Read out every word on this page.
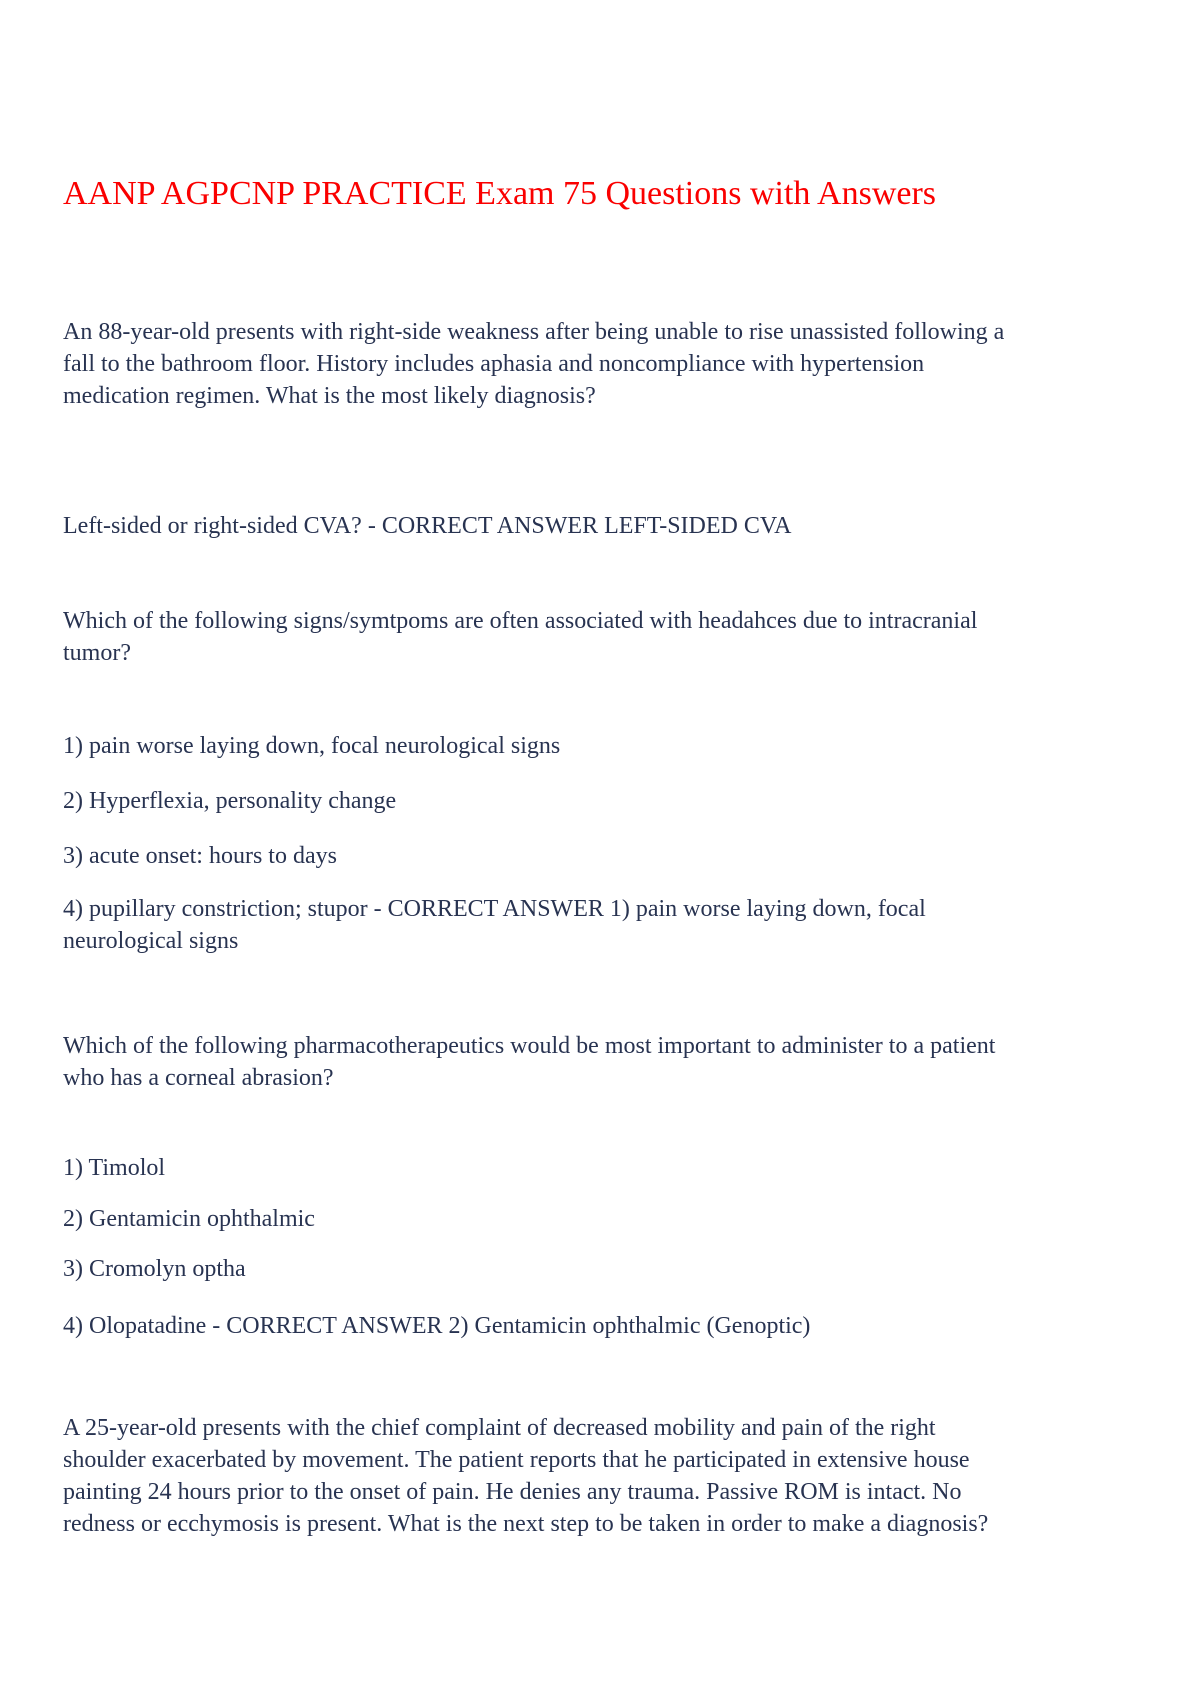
AANP AGPCNP PRACTICE Exam 75 Questions with Answers

An 88-year-old presents with right-side weakness after being unable to rise unassisted following a fall to the bathroom floor. History includes aphasia and noncompliance with hypertension medication regimen. What is the most likely diagnosis?

Left-sided or right-sided CVA? - CORRECT ANSWER LEFT-SIDED CVA

Which of the following signs/symtpoms are often associated with headahces due to intracranial tumor?

1) pain worse laying down, focal neurological signs

2) Hyperflexia, personality change

3) acute onset: hours to days

4) pupillary constriction; stupor - CORRECT ANSWER 1) pain worse laying down, focal neurological signs

Which of the following pharmacotherapeutics would be most important to administer to a patient who has a corneal abrasion?

1) Timolol

2) Gentamicin ophthalmic

3) Cromolyn optha

4) Olopatadine - CORRECT ANSWER 2) Gentamicin ophthalmic (Genoptic)

A 25-year-old presents with the chief complaint of decreased mobility and pain of the right shoulder exacerbated by movement. The patient reports that he participated in extensive house painting 24 hours prior to the onset of pain. He denies any trauma. Passive ROM is intact. No redness or ecchymosis is present. What is the next step to be taken in order to make a diagnosis?
